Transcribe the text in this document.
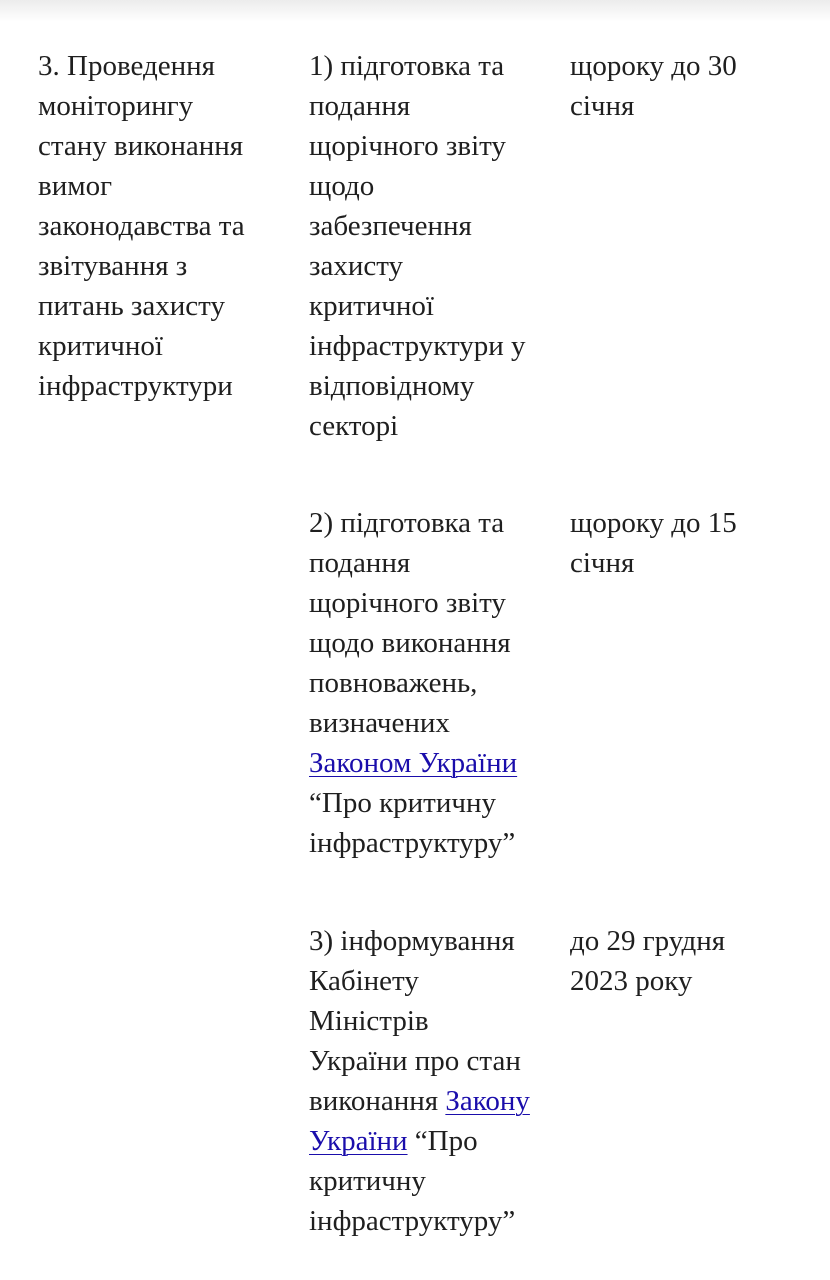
3. Проведення
моніторингу
стану виконання
вимог
законодавства та
звітування з
питань захисту
критичної
інфраструктури
1) підготовка та
подання
щорічного звіту
щодо
забезпечення
захисту
критичної
інфраструктури у
відповідному
секторі
щороку до 30
січня
2) підготовка та
подання
щорічного звіту
щодо виконання
повноважень,
визначених
Законом України
“Про критичну
інфраструктуру”
щороку до 15
січня
3) інформування
Кабінету
Міністрів
України про стан
виконання Закону
України “Про
критичну
інфраструктуру”
до 29 грудня
2023 року
